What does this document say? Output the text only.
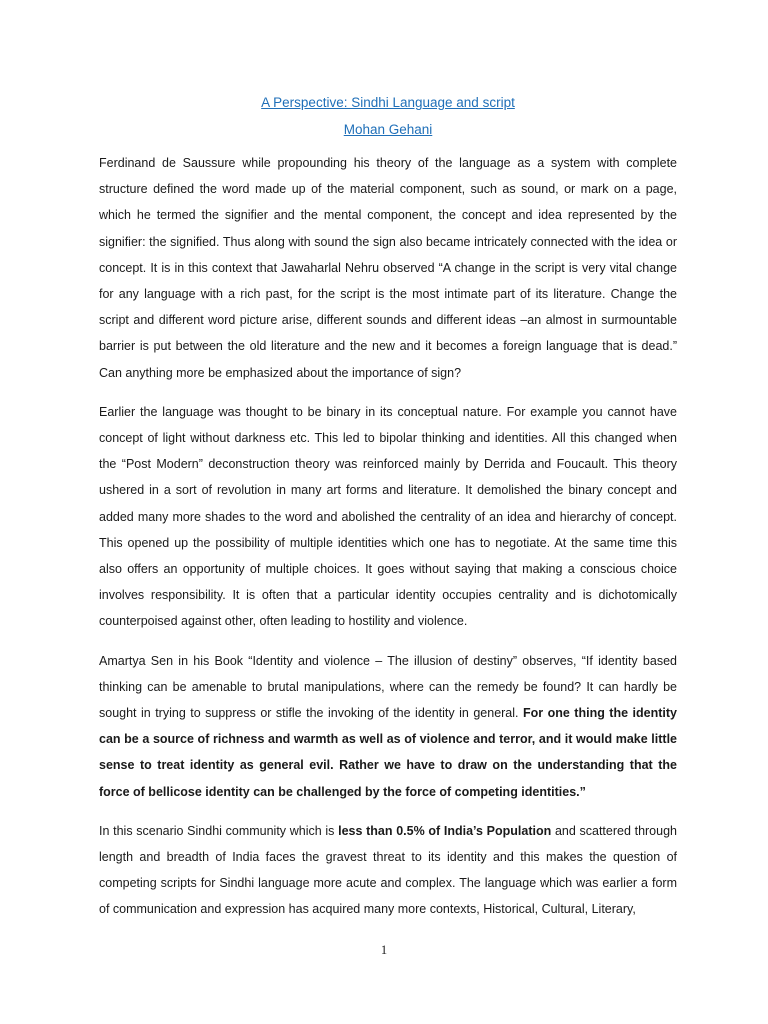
A Perspective: Sindhi Language and script

Mohan Gehani

Ferdinand de Saussure while propounding his theory of the language as a system with complete structure defined the word made up of the material component, such as sound, or mark on a page, which he termed the signifier and the mental component, the concept and idea represented by the signifier: the signified. Thus along with sound the sign also became intricately connected with the idea or concept. It is in this context that Jawaharlal Nehru observed “A change in the script is very vital change for any language with a rich past, for the script is the most intimate part of its literature. Change the script and different word picture arise, different sounds and different ideas –an almost in surmountable barrier is put between the old literature and the new and it becomes a foreign language that is dead.” Can anything more be emphasized about the importance of sign?

Earlier the language was thought to be binary in its conceptual nature. For example you cannot have concept of light without darkness etc. This led to bipolar thinking and identities. All this changed when the “Post Modern” deconstruction theory was reinforced mainly by Derrida and Foucault. This theory ushered in a sort of revolution in many art forms and literature. It demolished the binary concept and added many more shades to the word and abolished the centrality of an idea and hierarchy of concept. This opened up the possibility of multiple identities which one has to negotiate. At the same time this also offers an opportunity of multiple choices. It goes without saying that making a conscious choice involves responsibility. It is often that a particular identity occupies centrality and is dichotomically counterpoised against other, often leading to hostility and violence.

Amartya Sen in his Book “Identity and violence – The illusion of destiny” observes, “If identity based thinking can be amenable to brutal manipulations, where can the remedy be found? It can hardly be sought in trying to suppress or stifle the invoking of the identity in general. For one thing the identity can be a source of richness and warmth as well as of violence and terror, and it would make little sense to treat identity as general evil. Rather we have to draw on the understanding that the force of bellicose identity can be challenged by the force of competing identities.”

In this scenario Sindhi community which is less than 0.5% of India’s Population and scattered through length and breadth of India faces the gravest threat to its identity and this makes the question of competing scripts for Sindhi language more acute and complex. The language which was earlier a form of communication and expression has acquired many more contexts, Historical, Cultural, Literary,

1
